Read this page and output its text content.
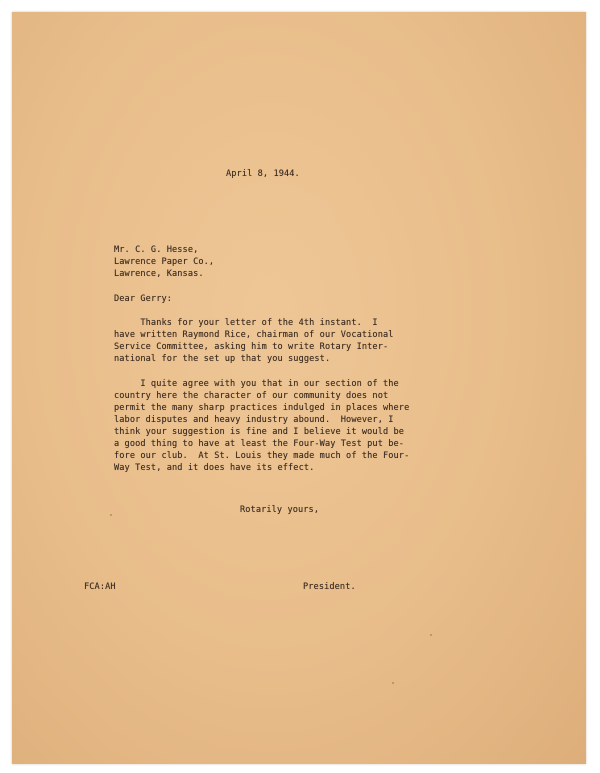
April 8, 1944.
Mr. C. G. Hesse,
Lawrence Paper Co.,
Lawrence, Kansas.
Dear Gerry:
Thanks for your letter of the 4th instant.  I
have written Raymond Rice, chairman of our Vocational
Service Committee, asking him to write Rotary Inter-
national for the set up that you suggest.
I quite agree with you that in our section of the
country here the character of our community does not
permit the many sharp practices indulged in places where
labor disputes and heavy industry abound.  However, I
think your suggestion is fine and I believe it would be
a good thing to have at least the Four-Way Test put be-
fore our club.  At St. Louis they made much of the Four-
Way Test, and it does have its effect.
Rotarily yours,
FCA:AH	President.
